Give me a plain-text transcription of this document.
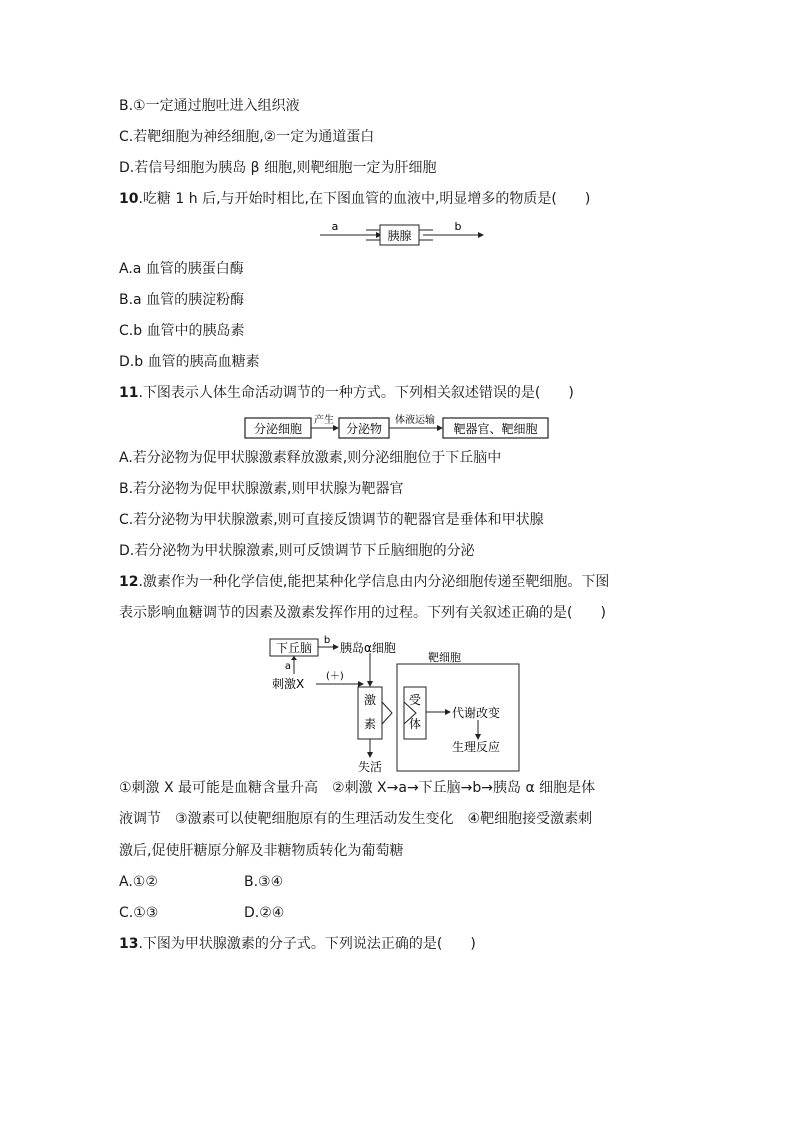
B.①一定通过胞吐进入组织液
C.若靶细胞为神经细胞,②一定为通道蛋白
D.若信号细胞为胰岛 β 细胞,则靶细胞一定为肝细胞
10.吃糖 1 h 后,与开始时相比,在下图血管的血液中,明显增多的物质是(　　)
胰腺
a	b
A.a 血管的胰蛋白酶
B.a 血管的胰淀粉酶
C.b 血管中的胰岛素
D.b 血管的胰高血糖素
11.下图表示人体生命活动调节的一种方式。下列相关叙述错误的是(　　)
分泌细胞
产生
分泌物
体液运输
靶器官、靶细胞
A.若分泌物为促甲状腺激素释放激素,则分泌细胞位于下丘脑中
B.若分泌物为促甲状腺激素,则甲状腺为靶器官
C.若分泌物为甲状腺激素,则可直接反馈调节的靶器官是垂体和甲状腺
D.若分泌物为甲状腺激素,则可反馈调节下丘脑细胞的分泌
12.激素作为一种化学信使,能把某种化学信息由内分泌细胞传递至靶细胞。下图
表示影响血糖调节的因素及激素发挥作用的过程。下列有关叙述正确的是(　　)
下丘脑
b
胰岛α细胞
a
刺激X
(＋)
激
素
失活
靶细胞
受
体
代谢改变
生理反应
①刺激 X 最可能是血糖含量升高　②刺激 X→a→下丘脑→b→胰岛 α 细胞是体
液调节　③激素可以使靶细胞原有的生理活动发生变化　④靶细胞接受激素刺
激后,促使肝糖原分解及非糖物质转化为葡萄糖
A.①②	B.③④
C.①③	D.②④
13.下图为甲状腺激素的分子式。下列说法正确的是(　　)
